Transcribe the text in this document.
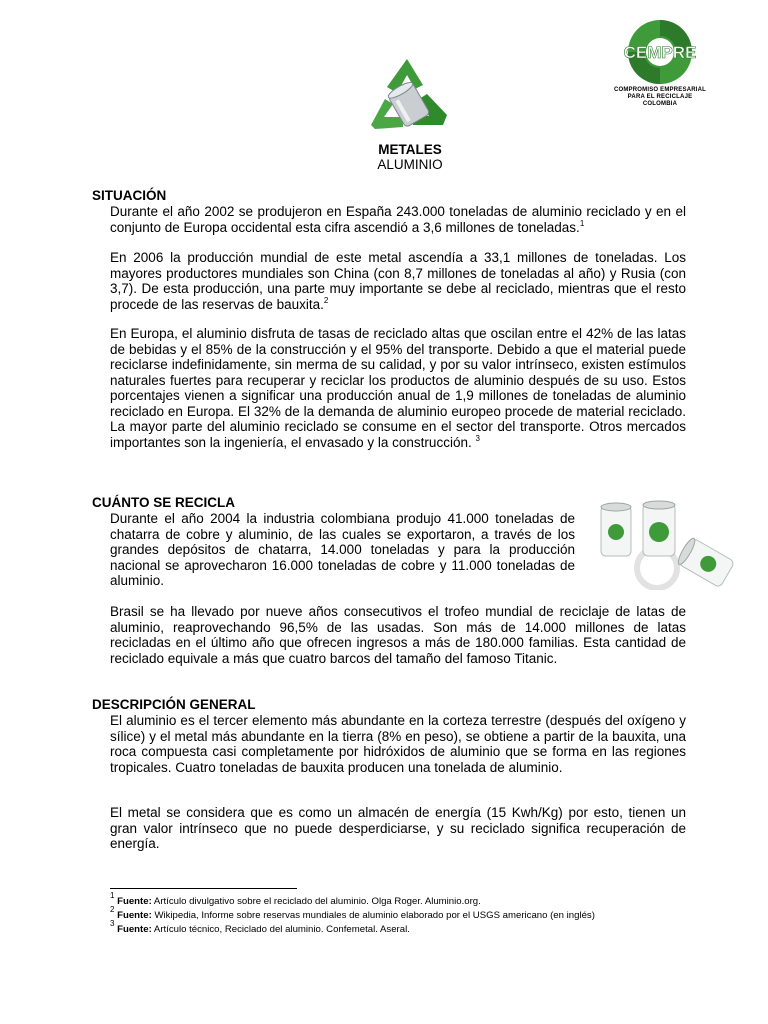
CEMPRE
COMPROMISO EMPRESARIAL
PARA EL RECICLAJE
COLOMBIA
METALES
ALUMINIO
SITUACIÓN

Durante el año 2002 se produjeron en España 243.000 toneladas de aluminio reciclado y en el conjunto de Europa occidental esta cifra ascendió a 3,6 millones de toneladas.$^1$

En 2006 la producción mundial de este metal ascendía a 33,1 millones de toneladas. Los mayores productores mundiales son China (con 8,7 millones de toneladas al año) y Rusia (con 3,7). De esta producción, una parte muy importante se debe al reciclado, mientras que el resto procede de las reservas de bauxita.$^2$

En Europa, el aluminio disfruta de tasas de reciclado altas que oscilan entre el 42% de las latas de bebidas y el 85% de la construcción y el 95% del transporte. Debido a que el material puede reciclarse indefinidamente, sin merma de su calidad, y por su valor intrínseco, existen estímulos naturales fuertes para recuperar y reciclar los productos de aluminio después de su uso. Estos porcentajes vienen a significar una producción anual de 1,9 millones de toneladas de aluminio reciclado en Europa. El 32% de la demanda de aluminio europeo procede de material reciclado. La mayor parte del aluminio reciclado se consume en el sector del transporte. Otros mercados importantes son la ingeniería, el envasado y la construcción. $^3$

CUÁNTO SE RECICLA

Durante el año 2004 la industria colombiana produjo 41.000 toneladas de chatarra de cobre y aluminio, de las cuales se exportaron, a través de los grandes depósitos de chatarra, 14.000 toneladas y para la producción nacional se aprovecharon 16.000 toneladas de cobre y 11.000 toneladas de aluminio.

Brasil se ha llevado por nueve años consecutivos el trofeo mundial de reciclaje de latas de aluminio, reaprovechando 96,5% de las usadas. Son más de 14.000 millones de latas recicladas en el último año que ofrecen ingresos a más de 180.000 familias. Esta cantidad de reciclado equivale a más que cuatro barcos del tamaño del famoso Titanic.

DESCRIPCIÓN GENERAL

El aluminio es el tercer elemento más abundante en la corteza terrestre (después del oxígeno y sílice) y el metal más abundante en la tierra (8% en peso), se obtiene a partir de la bauxita, una roca compuesta casi completamente por hidróxidos de aluminio que se forma en las regiones tropicales. Cuatro toneladas de bauxita producen una tonelada de aluminio.

El metal se considera que es como un almacén de energía (15 Kwh/Kg) por esto, tienen un gran valor intrínseco que no puede desperdiciarse, y su reciclado significa recuperación de energía.

$^1$ Fuente: Artículo divulgativo sobre el reciclado del aluminio. Olga Roger. Aluminio.org.
$^2$ Fuente: Wikipedia, Informe sobre reservas mundiales de aluminio elaborado por el USGS americano (en inglés)
$^3$ Fuente: Artículo técnico, Reciclado del aluminio. Confemetal. Aseral.
